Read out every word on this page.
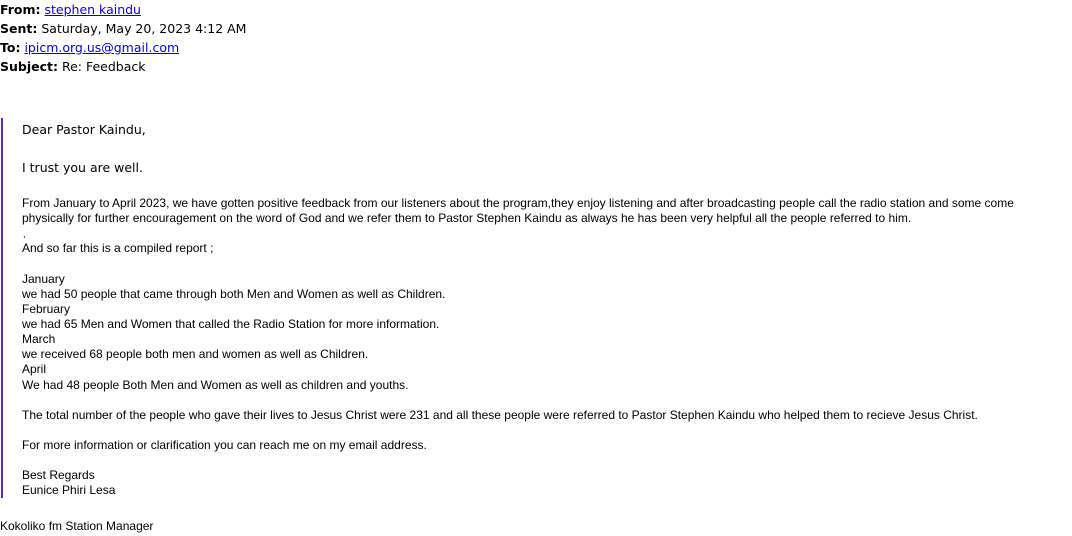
From: stephen kaindu
Sent: Saturday, May 20, 2023 4:12 AM
To: ipicm.org.us@gmail.com
Subject: Re: Feedback
Dear Pastor Kaindu,
I trust you are well.
From January to April 2023, we have gotten positive feedback from our listeners about the program,they enjoy listening and after broadcasting people call the radio station and some come
physically for further encouragement on the word of God and we refer them to Pastor Stephen Kaindu as always he has been very helpful all the people referred to him.
,
And so far this is a compiled report ;
January
we had 50 people that came through both Men and Women as well as Children.
February
we had 65 Men and Women that called the Radio Station for more information.
March
we received 68 people both men and women as well as Children.
April
We had 48 people Both Men and Women as well as children and youths.
The total number of the people who gave their lives to Jesus Christ were 231 and all these people were referred to Pastor Stephen Kaindu who helped them to recieve Jesus Christ.
For more information or clarification you can reach me on my email address.
Best Regards
Eunice Phiri Lesa
Kokoliko fm Station Manager
